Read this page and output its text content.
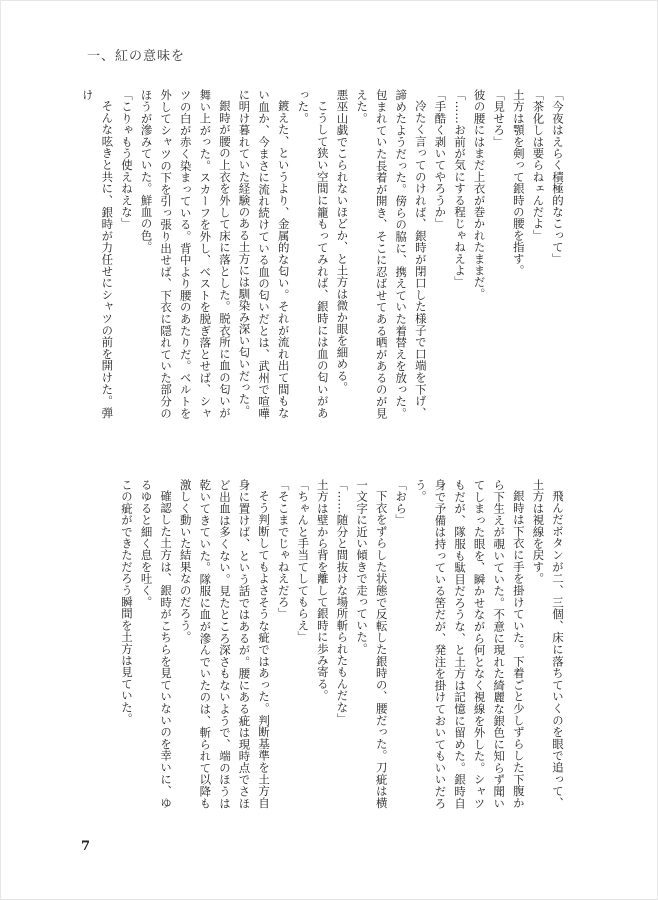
一、紅の意味を
「今夜はえらく積極的なこって」
「茶化しは要らねェんだよ」
土方は顎を剣って銀時の腰を指す。
「見せろ」
彼の腰にはまだ上衣が巻かれたままだ。
「……お前が気にする程じゃねえよ」
「手酷く剥いてやろうか」
冷たく言ってのければ、銀時が閉口した様子で口端を下げ、諦めたようだった。傍らの脇に、携えていた着替えを放った。包まれていた長着が開き、そこに忍ばせてある晒があるのが見えた。
悪巫山戯でこられないほどか、と土方は微か眼を細める。
こうして狭い空間に籠もってみれば、銀時には血の匂いがあった。
鍍えた、というより、金属的な匂い。それが流れ出て間もない血か、今まさに流れ続けている血の匂いだとは、武州で喧嘩に明け暮れていた経験のある土方には馴染み深い匂いだった。
銀時が腰の上衣を外して床に落とした。脱衣所に血の匂いが舞い上がった。スカーフを外し、ベストを脱ぎ落とせば、シャツの白が赤く染まっている。背中より腰のあたりだ。ベルトを外してシャツの下を引っ張り出せば、下衣に隠れていた部分のほうが滲みていた。鮮血の色。
「こりゃもう使えねえな」
そんな呟きと共に、銀時が力任せにシャツの前を開けた。弾け
飛んだボタンが二、三個、床に落ちていくのを眼で追って、土方は視線を戻す。
銀時は下衣に手を掛けていた。下着ごと少しずらした下腹から下生えが覗いていた。不意に現れた綺麗な銀色に知らず聞いてしまった眼を、瞬かせながら何となく視線を外した。シャツもだが、隊服も駄目だろうな、と土方は記憶に留めた。銀時自身で予備は持っている筈だが、発注を掛けておいてもいいだろう。
「おら」
下衣をずらした状態で反転した銀時の、腰だった。刀疵は横一文字に近い傾きで走っていた。
「……随分と間抜けな場所斬られたもんだな」
土方は壁から背を離して銀時に歩み寄る。
「ちゃんと手当てしてもらえ」
「そこまでじゃねえだろ」
そう判断してもよさそうな疵ではあった。判断基準を土方自身に置けば、という話ではあるが。腰にある疵は現時点でさほど出血は多くない。見たところ深さもないようで、端のほうは乾いてきていた。隊服に血が滲んでいたのは、斬られて以降も激しく動いた結果なのだろう。
確認した土方は、銀時がこちらを見ていないのを幸いに、ゆるゆると細く息を吐く。
この疵ができただろう瞬間を土方は見ていた。
7
